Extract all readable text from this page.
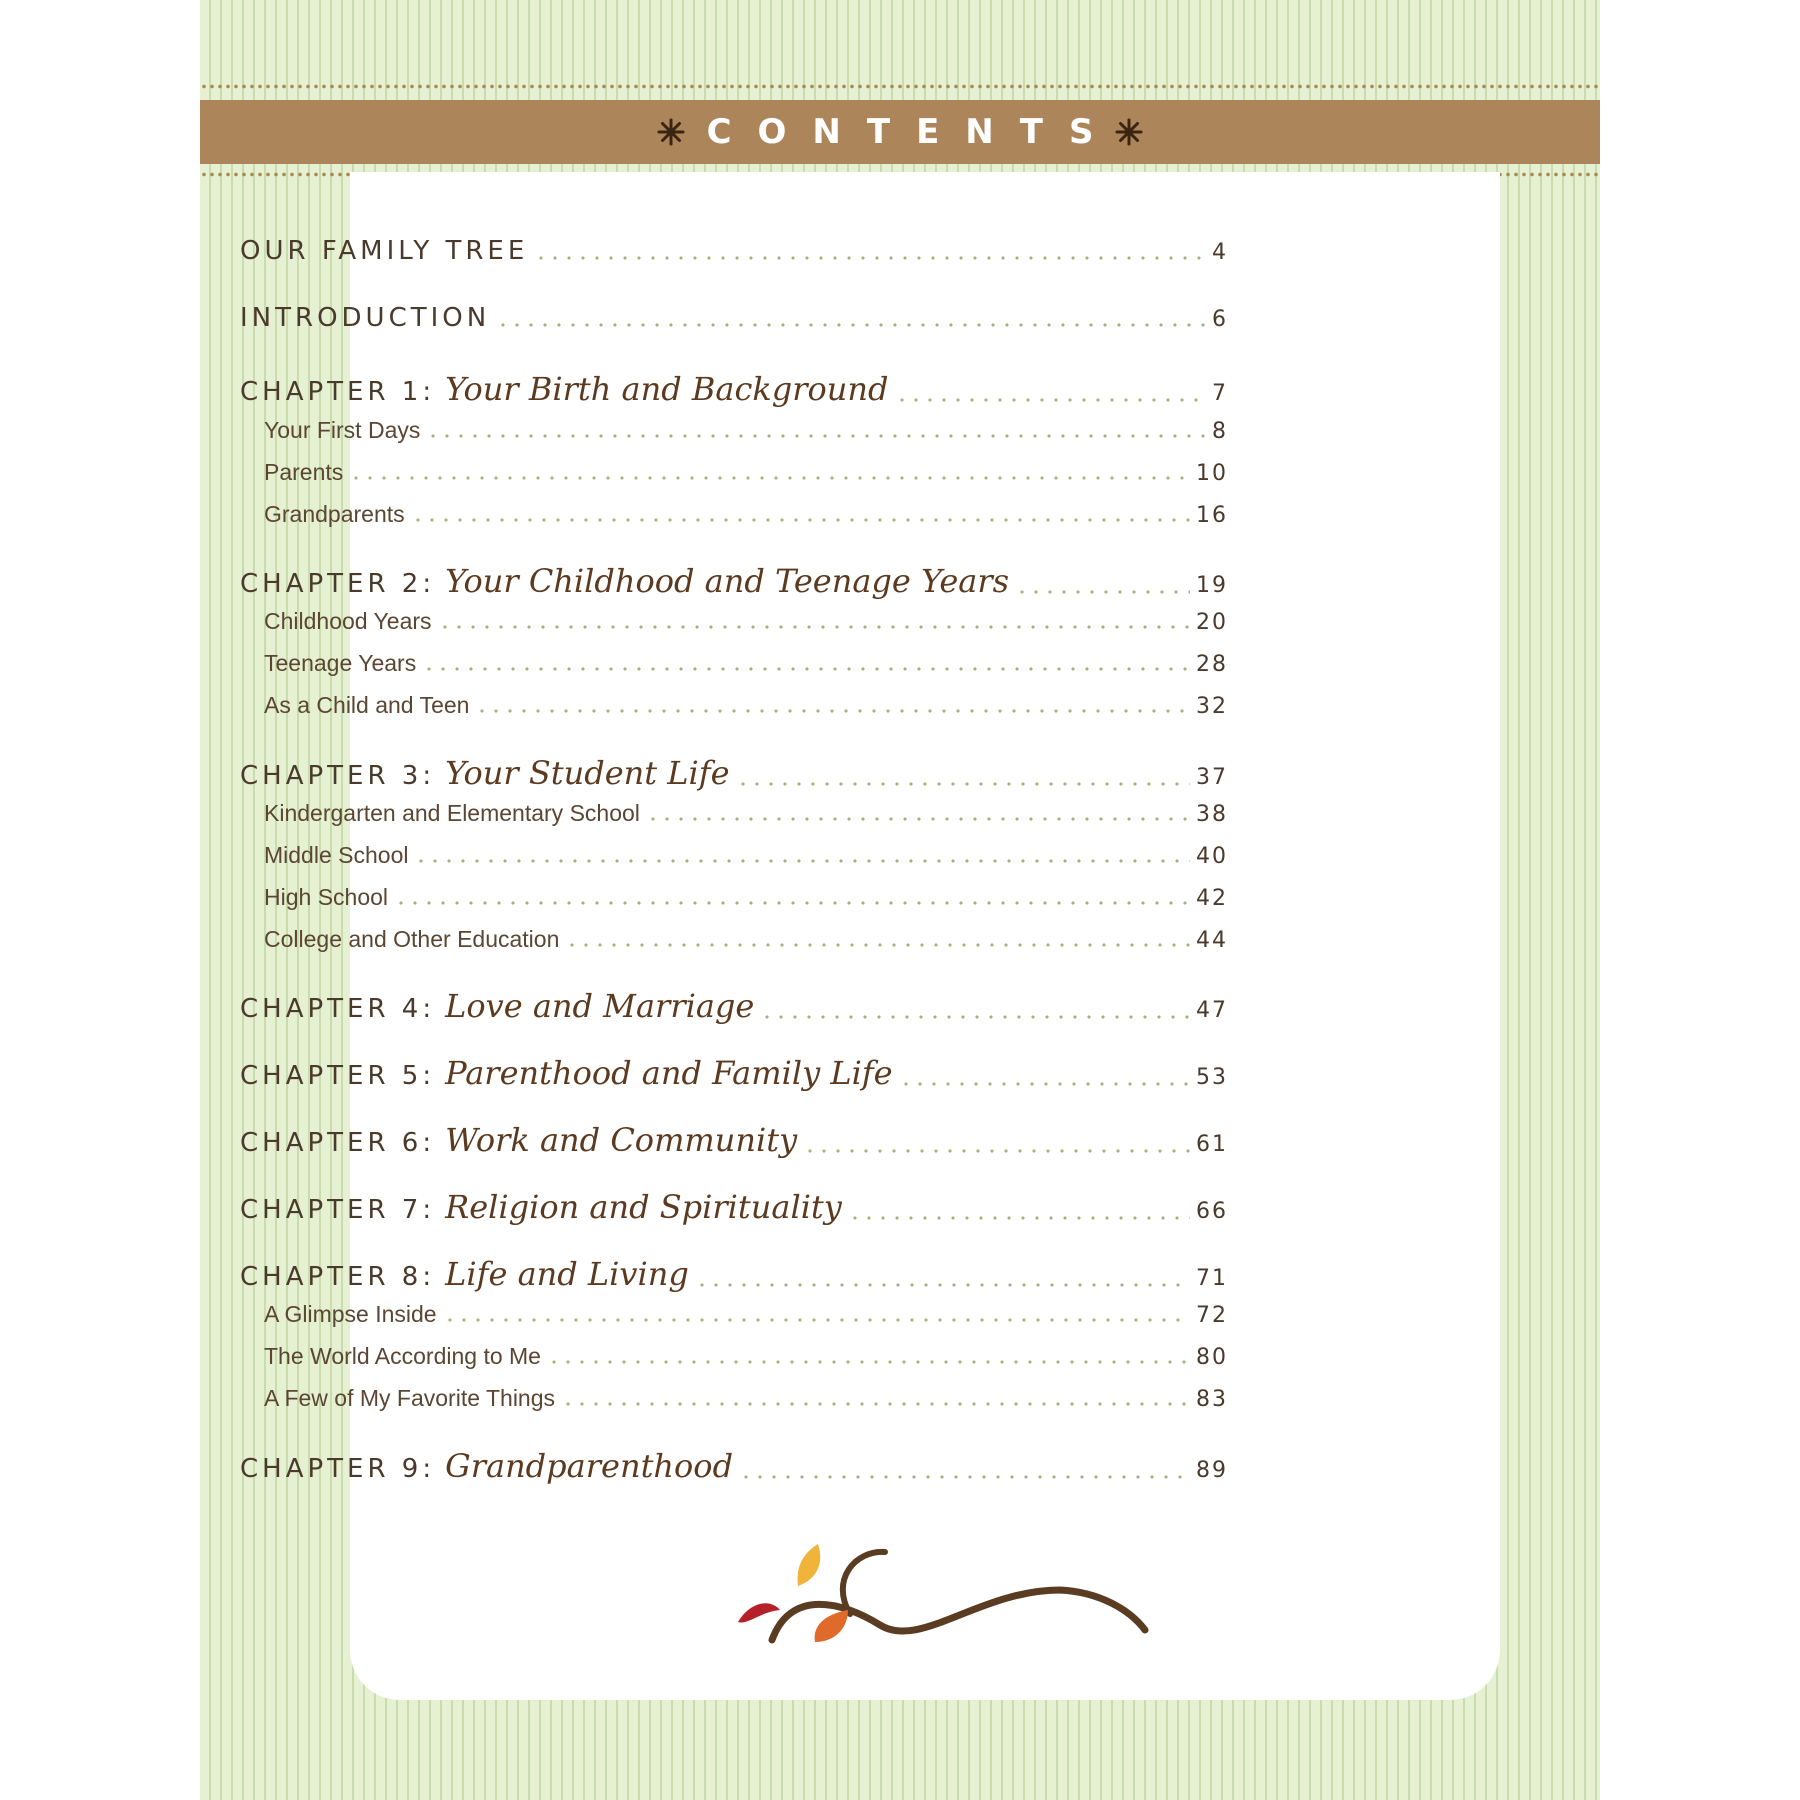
CONTENTS
OUR FAMILY TREE	4
INTRODUCTION	6
CHAPTER 1: Your Birth and Background	7
Your First Days	8
Parents	10
Grandparents	16
CHAPTER 2: Your Childhood and Teenage Years	19
Childhood Years	20
Teenage Years	28
As a Child and Teen	32
CHAPTER 3: Your Student Life	37
Kindergarten and Elementary School	38
Middle School	40
High School	42
College and Other Education	44
CHAPTER 4: Love and Marriage	47
CHAPTER 5: Parenthood and Family Life	53
CHAPTER 6: Work and Community	61
CHAPTER 7: Religion and Spirituality	66
CHAPTER 8: Life and Living	71
A Glimpse Inside	72
The World According to Me	80
A Few of My Favorite Things	83
CHAPTER 9: Grandparenthood	89
